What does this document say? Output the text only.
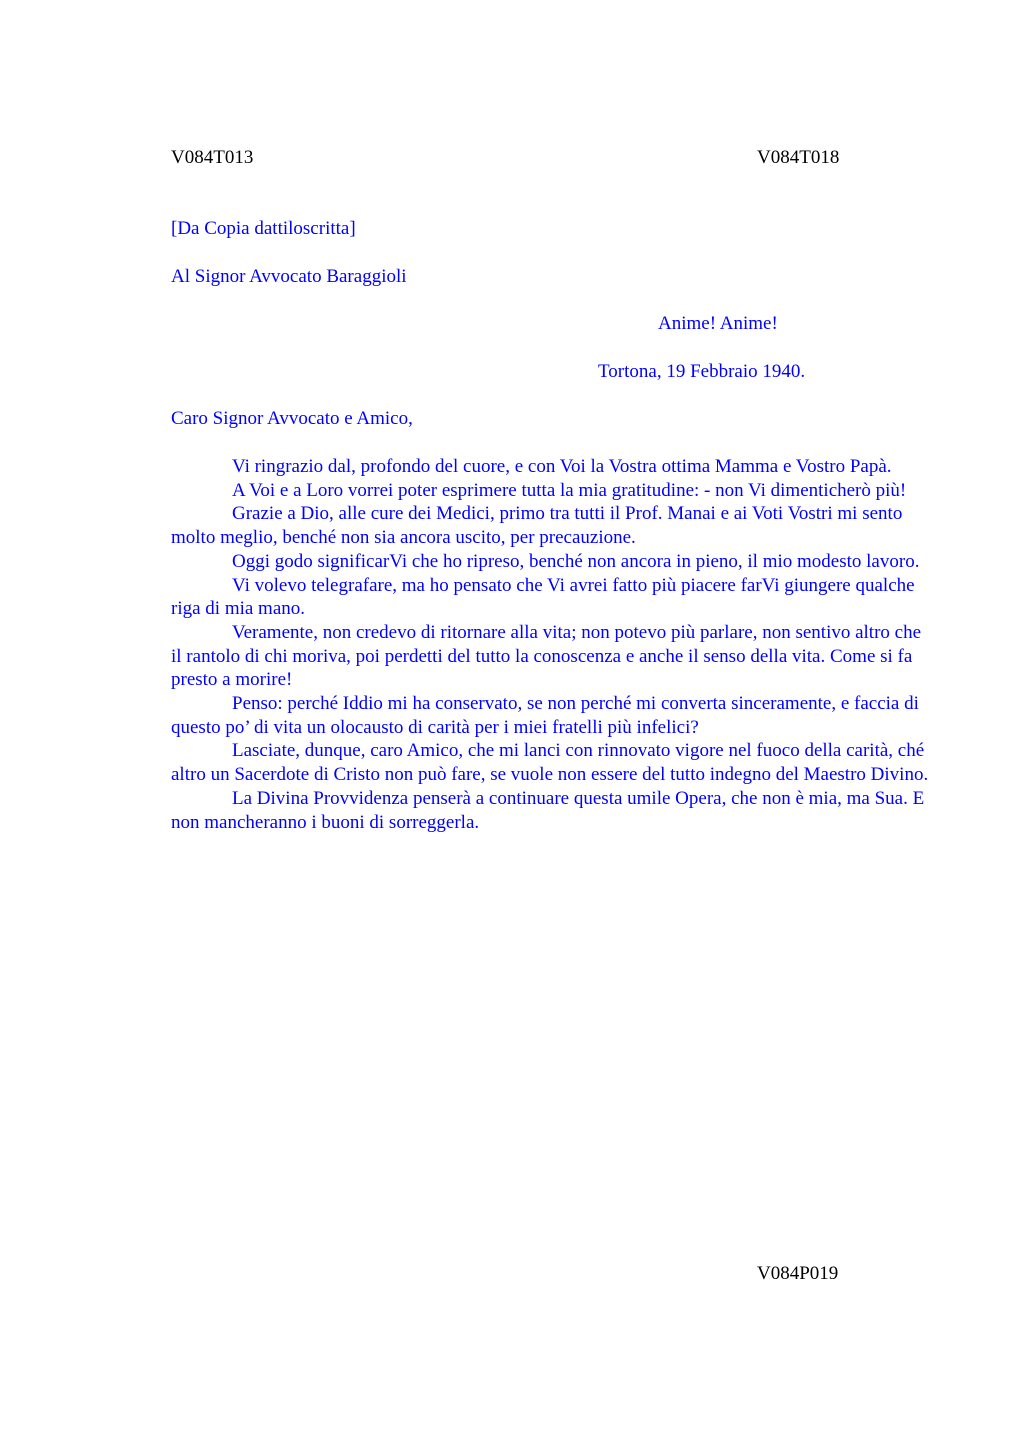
V084T013	V084T018
[Da Copia dattiloscritta]
Al Signor Avvocato Baraggioli
Anime! Anime!
Tortona, 19 Febbraio 1940.
Caro Signor Avvocato e Amico,

Vi ringrazio dal, profondo del cuore, e con Voi la Vostra ottima Mamma e Vostro Papà.

A Voi e a Loro vorrei poter esprimere tutta la mia gratitudine: - non Vi dimenticherò più!

Grazie a Dio, alle cure dei Medici, primo tra tutti il Prof. Manai e ai Voti Vostri mi sento molto meglio, benché non sia ancora uscito, per precauzione.

Oggi godo significarVi che ho ripreso, benché non ancora in pieno, il mio modesto lavoro.

Vi volevo telegrafare, ma ho pensato che Vi avrei fatto più piacere farVi giungere qualche riga di mia mano.

Veramente, non credevo di ritornare alla vita; non potevo più parlare, non sentivo altro che il rantolo di chi moriva, poi perdetti del tutto la conoscenza e anche il senso della vita. Come si fa presto a morire!

Penso: perché Iddio mi ha conservato, se non perché mi converta sinceramente, e faccia di questo po’ di vita un olocausto di carità per i miei fratelli più infelici?

Lasciate, dunque, caro Amico, che mi lanci con rinnovato vigore nel fuoco della carità, ché altro un Sacerdote di Cristo non può fare, se vuole non essere del tutto indegno del Maestro Divino.

La Divina Provvidenza penserà a continuare questa umile Opera, che non è mia, ma Sua. E non mancheranno i buoni di sorreggerla.

V084P019
